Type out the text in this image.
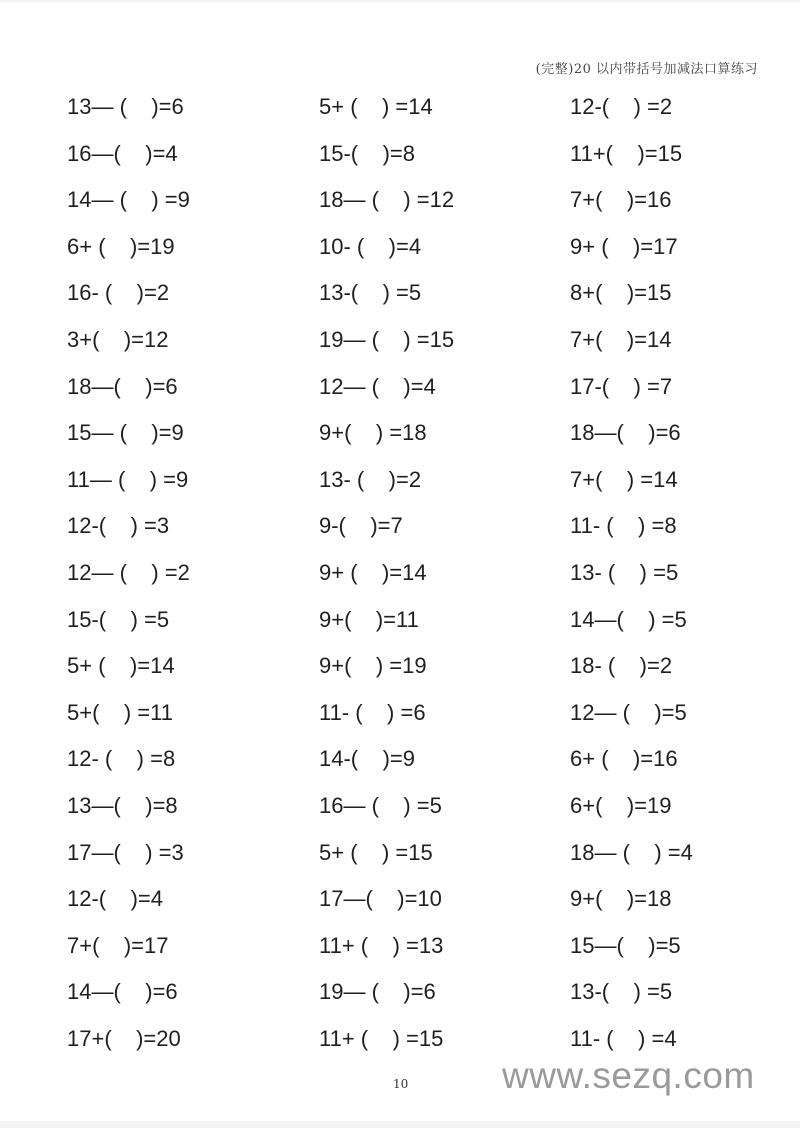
(完整)20 以内带括号加减法口算练习
13— (    )=6	5+ (    ) =14	12-(    ) =2
16—(    )=4	15-(    )=8	11+(    )=15
14— (    ) =9	18— (    ) =12	7+(    )=16
6+ (    )=19	10- (    )=4	9+ (    )=17
16- (    )=2	13-(    ) =5	8+(    )=15
3+(    )=12	19— (    ) =15	7+(    )=14
18—(    )=6	12— (    )=4	17-(    ) =7
15— (    )=9	9+(    ) =18	18—(    )=6
11— (    ) =9	13- (    )=2	7+(    ) =14
12-(    ) =3	9-(    )=7	11- (    ) =8
12— (    ) =2	9+ (    )=14	13- (    ) =5
15-(    ) =5	9+(    )=11	14—(    ) =5
5+ (    )=14	9+(    ) =19	18- (    )=2
5+(    ) =11	11- (    ) =6	12— (    )=5
12- (    ) =8	14-(    )=9	6+ (    )=16
13—(    )=8	16— (    ) =5	6+(    )=19
17—(    ) =3	5+ (    ) =15	18— (    ) =4
12-(    )=4	17—(    )=10	9+(    )=18
7+(    )=17	11+ (    ) =13	15—(    )=5
14—(    )=6	19— (    )=6	13-(    ) =5
17+(    )=20	11+ (    ) =15	11- (    ) =4
10	www.sezq.com
